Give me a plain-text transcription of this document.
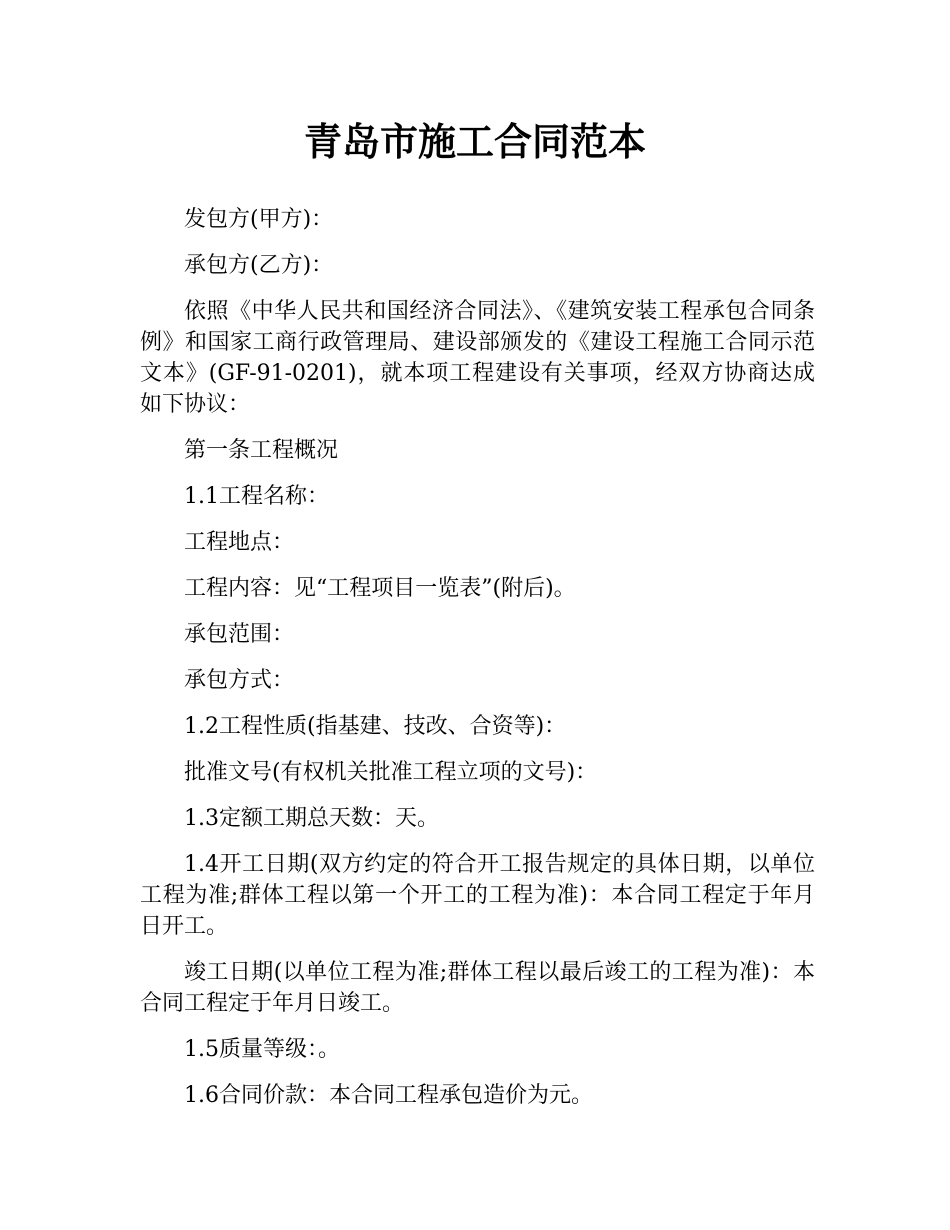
青岛市施工合同范本

发包方(甲方)：

承包方(乙方)：

依照《中华人民共和国经济合同法》、《建筑安装工程承包合同条例》和国家工商行政管理局、建设部颁发的《建设工程施工合同示范文本》(GF-91-0201)，就本项工程建设有关事项，经双方协商达成如下协议：

第一条工程概况

1.1工程名称：

工程地点：

工程内容：见“工程项目一览表”(附后)。

承包范围：

承包方式：

1.2工程性质(指基建、技改、合资等)：

批准文号(有权机关批准工程立项的文号)：

1.3定额工期总天数：天。

1.4开工日期(双方约定的符合开工报告规定的具体日期，以单位工程为准;群体工程以第一个开工的工程为准)：本合同工程定于年月日开工。

竣工日期(以单位工程为准;群体工程以最后竣工的工程为准)：本合同工程定于年月日竣工。

1.5质量等级：。

1.6合同价款：本合同工程承包造价为元。
